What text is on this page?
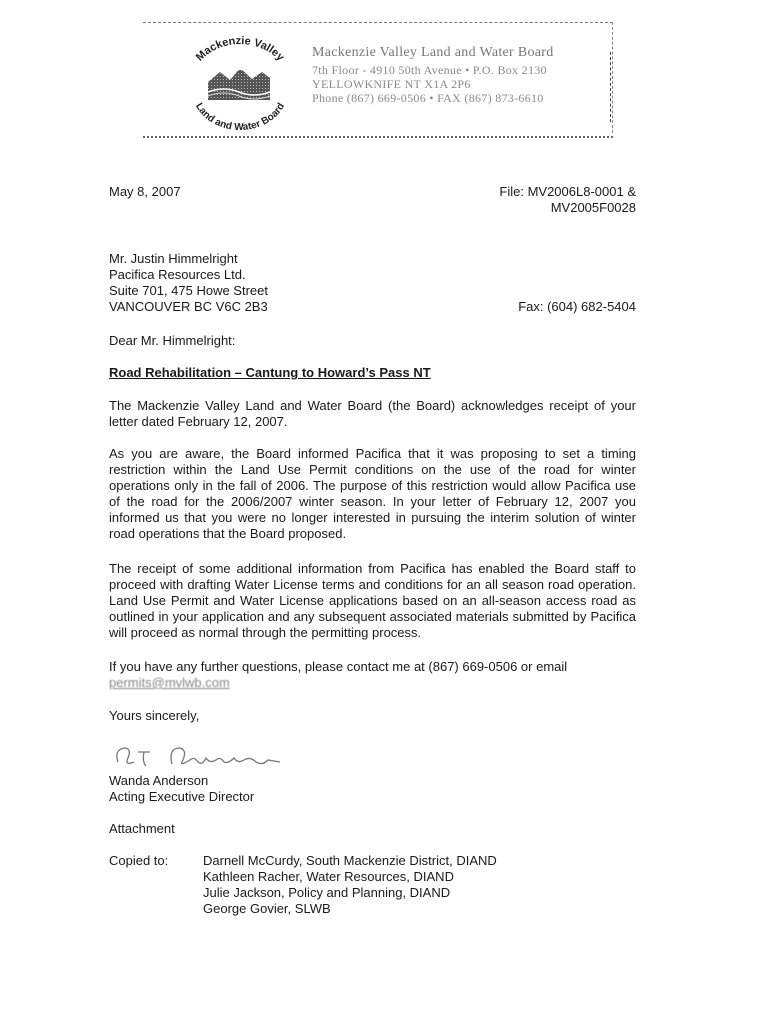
Mackenzie Valley
Land and Water Board
Mackenzie Valley Land and Water Board
7th Floor - 4910 50th Avenue • P.O. Box 2130
YELLOWKNIFE NT X1A 2P6
Phone (867) 669-0506 • FAX (867) 873-6610
May 8, 2007	File: MV2006L8-0001 &
MV2005F0028
Mr. Justin Himmelright
Pacifica Resources Ltd.
Suite 701, 475 Howe Street
VANCOUVER BC V6C 2B3	Fax: (604) 682-5404
Dear Mr. Himmelright:
Road Rehabilitation – Cantung to Howard’s Pass NT
The Mackenzie Valley Land and Water Board (the Board) acknowledges receipt of your letter dated February 12, 2007.
As you are aware, the Board informed Pacifica that it was proposing to set a timing restriction within the Land Use Permit conditions on the use of the road for winter operations only in the fall of 2006. The purpose of this restriction would allow Pacifica use of the road for the 2006/2007 winter season. In your letter of February 12, 2007 you informed us that you were no longer interested in pursuing the interim solution of winter road operations that the Board proposed.
The receipt of some additional information from Pacifica has enabled the Board staff to proceed with drafting Water License terms and conditions for an all season road operation. Land Use Permit and Water License applications based on an all-season access road as outlined in your application and any subsequent associated materials submitted by Pacifica will proceed as normal through the permitting process.
If you have any further questions, please contact me at (867) 669-0506 or email
permits@mvlwb.com
Yours sincerely,
Wanda Anderson
Acting Executive Director
Attachment
Copied to:	Darnell McCurdy, South Mackenzie District, DIAND
Kathleen Racher, Water Resources, DIAND
Julie Jackson, Policy and Planning, DIAND
George Govier, SLWB
